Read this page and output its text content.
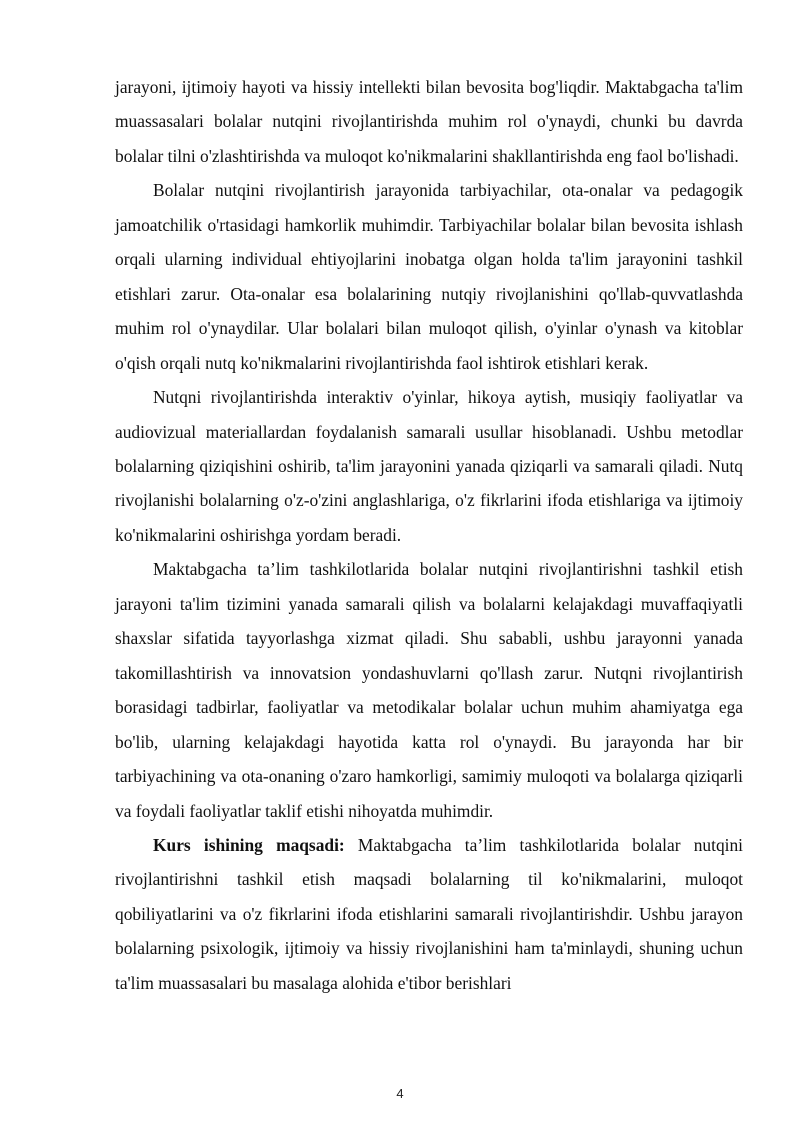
jarayoni, ijtimoiy hayoti va hissiy intellekti bilan bevosita bog'liqdir. Maktabgacha ta'lim muassasalari bolalar nutqini rivojlantirishda muhim rol o'ynaydi, chunki bu davrda bolalar tilni o'zlashtirishda va muloqot ko'nikmalarini shakllantirishda eng faol bo'lishadi.

Bolalar nutqini rivojlantirish jarayonida tarbiyachilar, ota-onalar va pedagogik jamoatchilik o'rtasidagi hamkorlik muhimdir. Tarbiyachilar bolalar bilan bevosita ishlash orqali ularning individual ehtiyojlarini inobatga olgan holda ta'lim jarayonini tashkil etishlari zarur. Ota-onalar esa bolalarining nutqiy rivojlanishini qo'llab-quvvatlashda muhim rol o'ynaydilar. Ular bolalari bilan muloqot qilish, o'yinlar o'ynash va kitoblar o'qish orqali nutq ko'nikmalarini rivojlantirishda faol ishtirok etishlari kerak.

Nutqni rivojlantirishda interaktiv o'yinlar, hikoya aytish, musiqiy faoliyatlar va audiovizual materiallardan foydalanish samarali usullar hisoblanadi. Ushbu metodlar bolalarning qiziqishini oshirib, ta'lim jarayonini yanada qiziqarli va samarali qiladi. Nutq rivojlanishi bolalarning o'z-o'zini anglashlariga, o'z fikrlarini ifoda etishlariga va ijtimoiy ko'nikmalarini oshirishga yordam beradi.

Maktabgacha ta’lim tashkilotlarida bolalar nutqini rivojlantirishni tashkil etish jarayoni ta'lim tizimini yanada samarali qilish va bolalarni kelajakdagi muvaffaqiyatli shaxslar sifatida tayyorlashga xizmat qiladi. Shu sababli, ushbu jarayonni yanada takomillashtirish va innovatsion yondashuvlarni qo'llash zarur. Nutqni rivojlantirish borasidagi tadbirlar, faoliyatlar va metodikalar bolalar uchun muhim ahamiyatga ega bo'lib, ularning kelajakdagi hayotida katta rol o'ynaydi. Bu jarayonda har bir tarbiyachining va ota-onaning o'zaro hamkorligi, samimiy muloqoti va bolalarga qiziqarli va foydali faoliyatlar taklif etishi nihoyatda muhimdir.

Kurs ishining maqsadi: Maktabgacha ta’lim tashkilotlarida bolalar nutqini rivojlantirishni tashkil etish maqsadi bolalarning til ko'nikmalarini, muloqot qobiliyatlarini va o'z fikrlarini ifoda etishlarini samarali rivojlantirishdir. Ushbu jarayon bolalarning psixologik, ijtimoiy va hissiy rivojlanishini ham ta'minlaydi, shuning uchun ta'lim muassasalari bu masalaga alohida e'tibor berishlari

4
